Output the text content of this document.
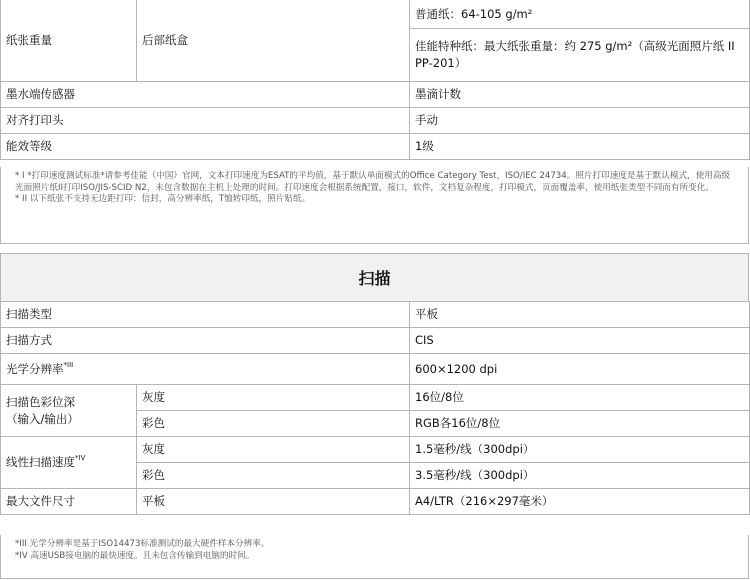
纸张重量	后部纸盒	普通纸：64-105 g/m²
		佳能特种纸：最大纸张重量：约 275 g/m²（高级光面照片纸 II PP-201）
墨水端传感器		墨滴计数
对齐打印头		手动
能效等级		1级

* I *打印速度测试标准*请参考佳能（中国）官网，文本打印速度为ESAT的平均值，基于默认单面模式的Office Category Test，ISO/IEC 24734。照片打印速度是基于默认模式，使用高级光面照片纸II打印ISO/JIS-SCID N2，未包含数据在主机上处理的时间。打印速度会根据系统配置，接口，软件，文档复杂程度，打印模式，页面覆盖率，使用纸张类型不同而有所变化。

* II 以下纸张不支持无边距打印：信封，高分辨率纸，T恤转印纸，照片贴纸。

扫描
扫描类型		平板
扫描方式		CIS
光学分辨率$^{*III}$		600×1200 dpi

扫描色彩位深
（输入/输出）	灰度	16位/8位
	彩色	RGB各16位/8位
线性扫描速度$^{*IV}$	灰度	1.5毫秒/线（300dpi）
	彩色	3.5毫秒/线（300dpi）
最大文件尺寸	平板	A4/LTR（216×297毫米）

*III 光学分辨率是基于ISO14473标准测试的最大硬件样本分辨率。

*IV 高速USB接电脑的最快速度。且未包含传输到电脑的时间。
